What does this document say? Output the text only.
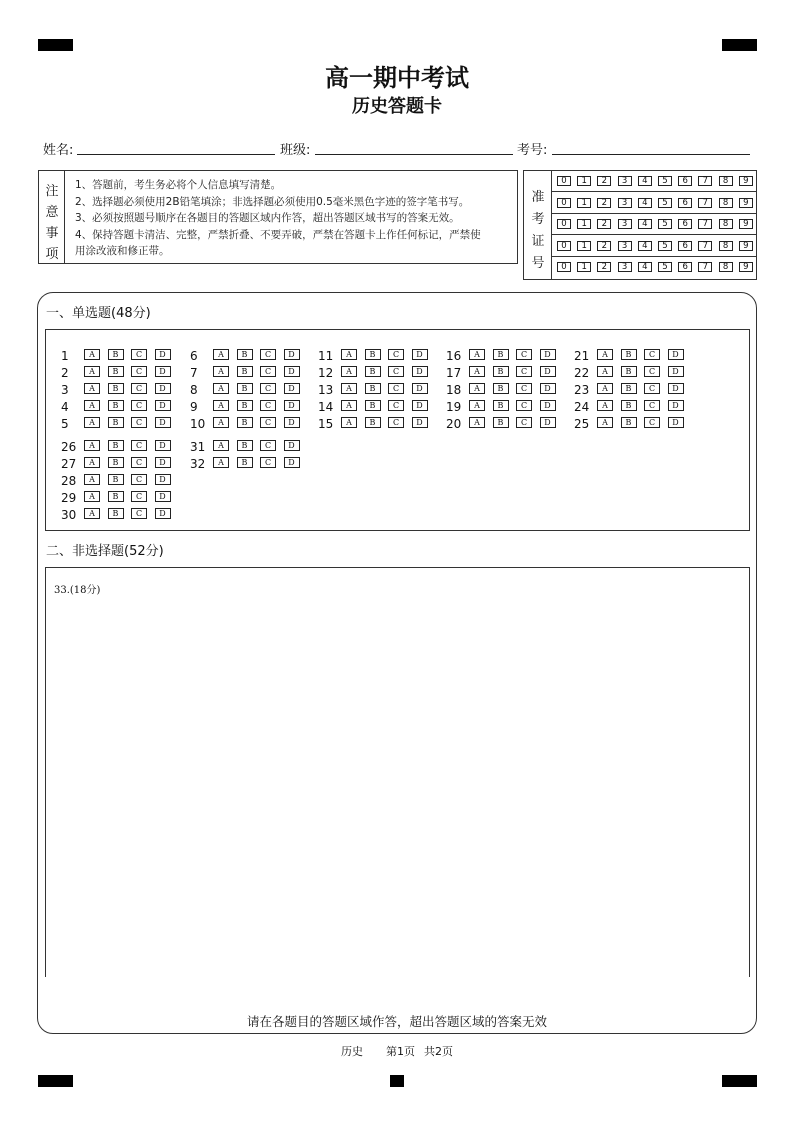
高一期中考试
历史答题卡
姓名:	班级:	考号:
注
意
事
项
1、答题前，考生务必将个人信息填写清楚。
2、选择题必须使用2B铅笔填涂；非选择题必须使用0.5毫米黑色字迹的签字笔书写。
3、必须按照题号顺序在各题目的答题区域内作答，超出答题区域书写的答案无效。
4、保持答题卡清洁、完整，严禁折叠、不要弄破，严禁在答题卡上作任何标记，严禁使
用涂改液和修正带。
准
考
证
号
0	1	2	3	4	5	6	7	8	9
0	1	2	3	4	5	6	7	8	9
0	1	2	3	4	5	6	7	8	9
0	1	2	3	4	5	6	7	8	9
0	1	2	3	4	5	6	7	8	9
一、单选题(48分)
1	A	B	C	D
2	A	B	C	D
3	A	B	C	D
4	A	B	C	D
5	A	B	C	D
6	A	B	C	D
7	A	B	C	D
8	A	B	C	D
9	A	B	C	D
10	A	B	C	D
11	A	B	C	D
12	A	B	C	D
13	A	B	C	D
14	A	B	C	D
15	A	B	C	D
16	A	B	C	D
17	A	B	C	D
18	A	B	C	D
19	A	B	C	D
20	A	B	C	D
21	A	B	C	D
22	A	B	C	D
23	A	B	C	D
24	A	B	C	D
25	A	B	C	D
26	A	B	C	D
27	A	B	C	D
28	A	B	C	D
29	A	B	C	D
30	A	B	C	D
31	A	B	C	D
32	A	B	C	D
二、非选择题(52分)
33.(18分)
请在各题目的答题区域作答，超出答题区域的答案无效
历史 第1页 共2页
